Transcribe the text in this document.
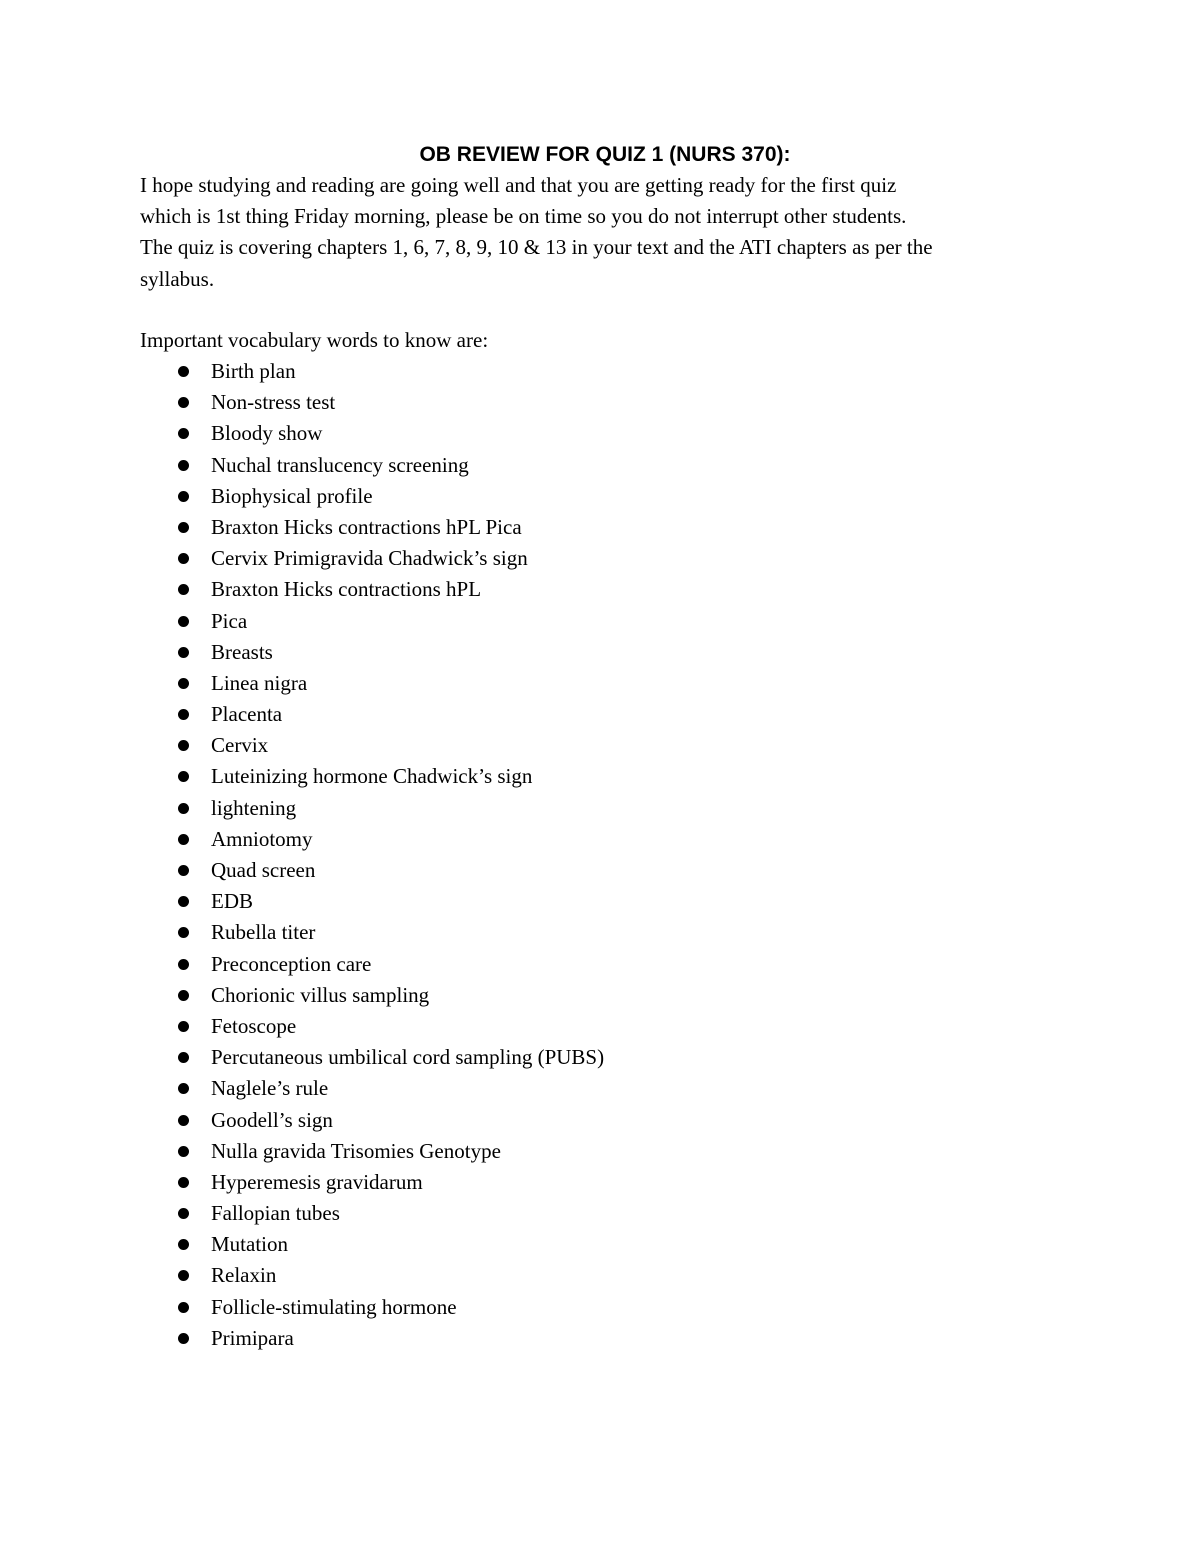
OB REVIEW FOR QUIZ 1 (NURS 370):
I hope studying and reading are going well and that you are getting ready for the first quiz
which is 1st thing Friday morning, please be on time so you do not interrupt other students.
The quiz is covering chapters 1, 6, 7, 8, 9, 10 & 13 in your text and the ATI chapters as per the
syllabus.

Important vocabulary words to know are:

Birth plan
Non-stress test
Bloody show
Nuchal translucency screening
Biophysical profile
Braxton Hicks contractions hPL Pica
Cervix Primigravida Chadwick’s sign
Braxton Hicks contractions hPL
Pica
Breasts
Linea nigra
Placenta
Cervix
Luteinizing hormone Chadwick’s sign
lightening
Amniotomy
Quad screen
EDB
Rubella titer
Preconception care
Chorionic villus sampling
Fetoscope
Percutaneous umbilical cord sampling (PUBS)
Naglele’s rule
Goodell’s sign
Nulla gravida Trisomies Genotype
Hyperemesis gravidarum
Fallopian tubes
Mutation
Relaxin
Follicle-stimulating hormone
Primipara
